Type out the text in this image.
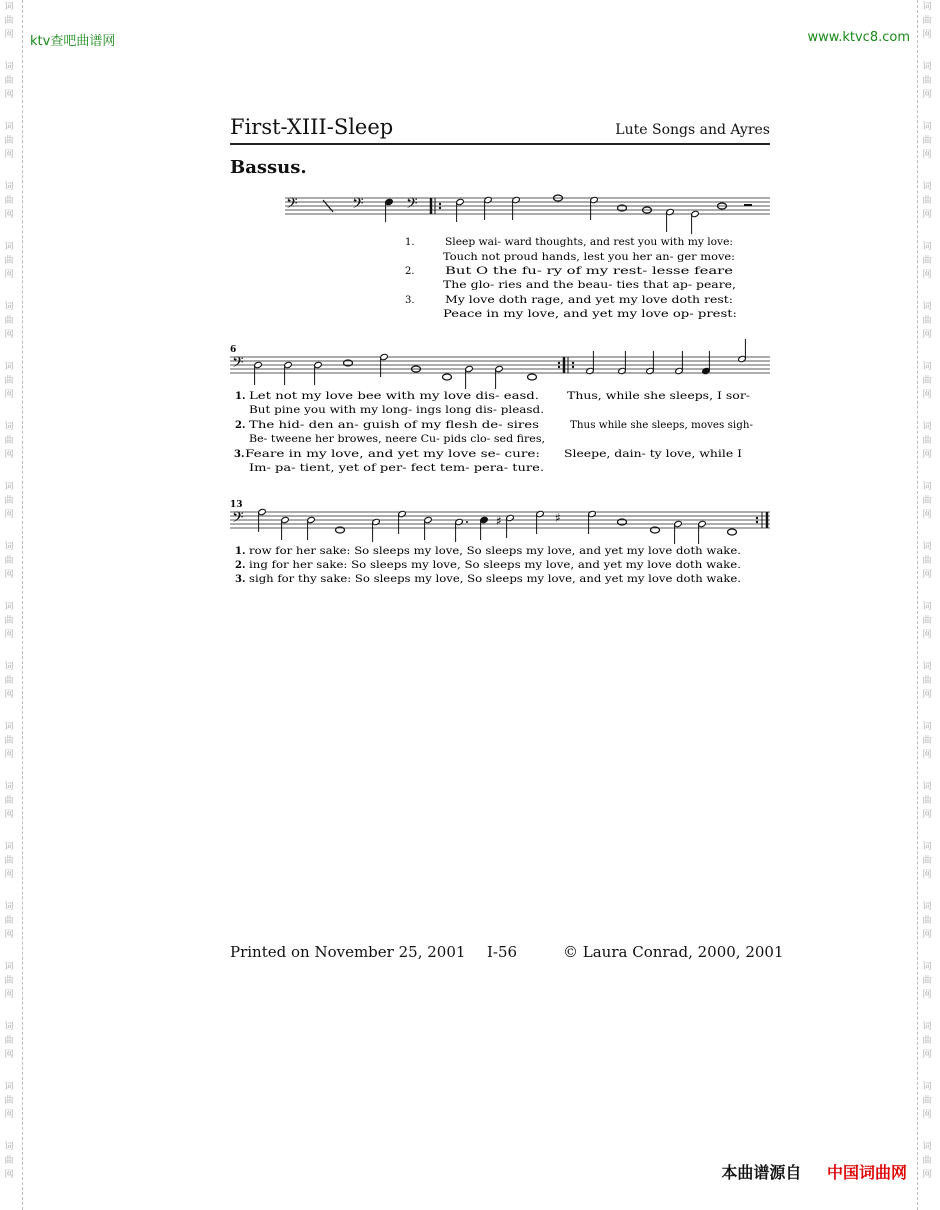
词
曲
网
词
曲
网
词
曲
网
词
曲
网
词
曲
网
词
曲
网
词
曲
网
词
曲
网
词
曲
网
词
曲
网
词
曲
网
词
曲
网
词
曲
网
词
曲
网
词
曲
网
词
曲
网
词
曲
网
词
曲
网
词
曲
网
词
曲
网
词
曲
网
词
曲
网
词
曲
网
词
曲
网
词
曲
网
词
曲
网
词
曲
网
词
曲
网
词
曲
网
词
曲
网
词
曲
网
词
曲
网
词
曲
网
词
曲
网
词
曲
网
词
曲
网
词
曲
网
词
曲
网
词
曲
网
词
曲
网
ktv查吧曲谱网	www.ktvc8.com
First-XIII-Sleep	Lute Songs and Ayres
Bassus.
𝄢	𝄢 𝄢
𝄢
𝄢	♯	♯
6
13
1.	Sleep wai- ward thoughts, and rest you with my love:
Touch not proud hands, lest you her an- ger move:
2.	But O the fu- ry of my rest- lesse feare
The glo- ries and the beau- ties that ap- peare,
3.	My love doth rage, and yet my love doth rest:
Peace in my love, and yet my love op- prest:
1. Let not my love bee with my love dis- easd.	Thus, while she sleeps, I sor-
But pine you with my long- ings long dis- pleasd.
2. The hid- den an- guish of my flesh de- sires	Thus while she sleeps, moves sigh-
Be- tweene her browes, neere Cu- pids clo- sed fires,
3. Feare in my love, and yet my love se- cure: Sleepe, dain- ty love, while I
Im- pa- tient, yet of per- fect tem- pera- ture.
1. row for her sake: So sleeps my love, So sleeps my love, and yet my love doth wake.
2. ing for her sake: So sleeps my love, So sleeps my love, and yet my love doth wake.
3. sigh for thy sake: So sleeps my love, So sleeps my love, and yet my love doth wake.
Printed on November 25, 2001 I-56	© Laura Conrad, 2000, 2001
本曲谱源自 中国词曲网
